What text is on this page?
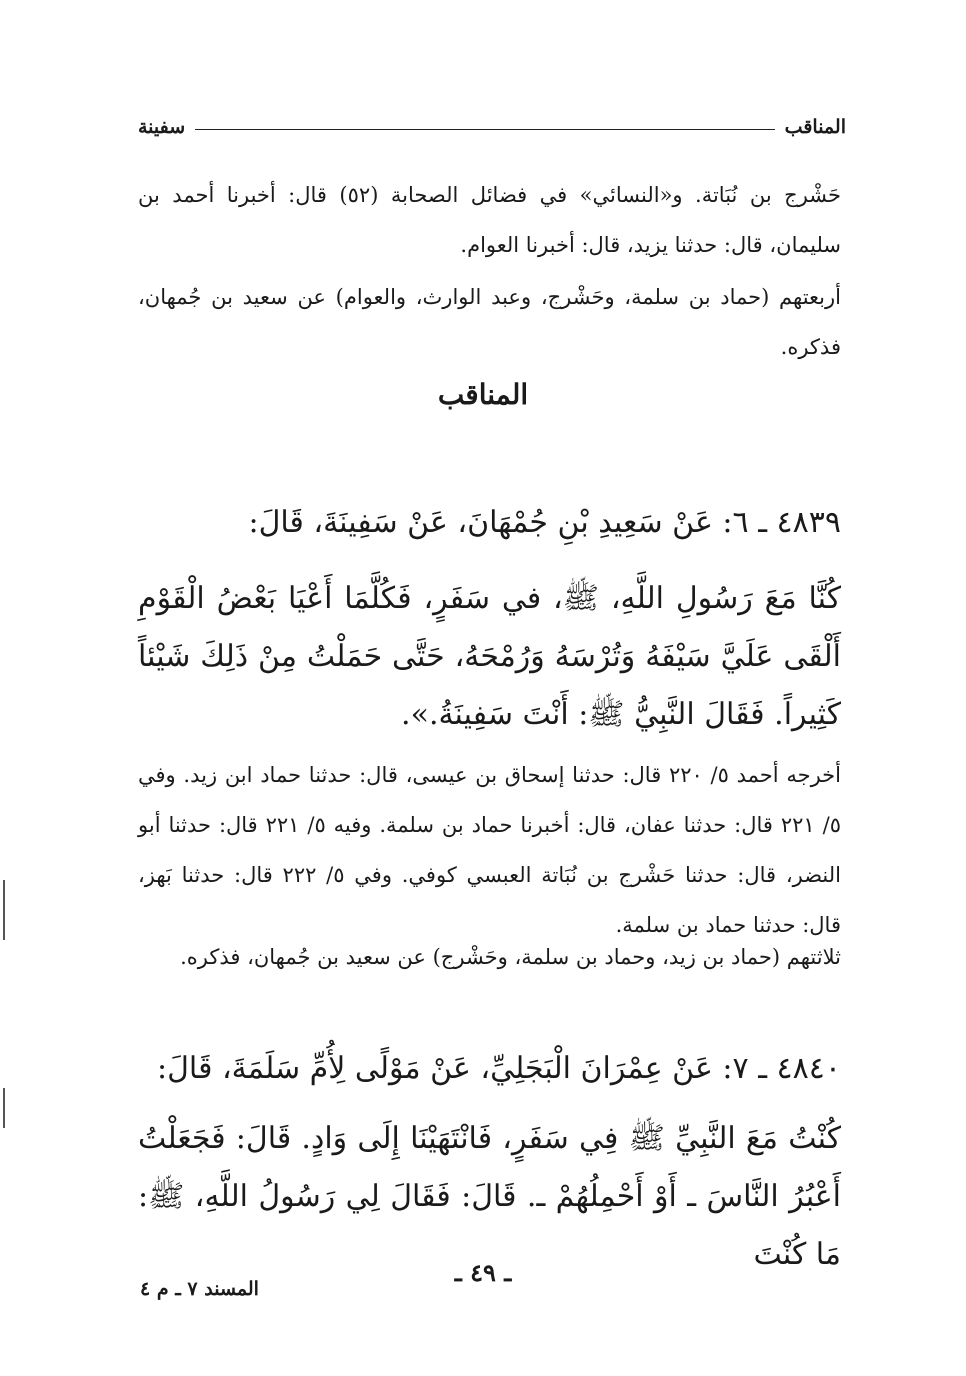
المناقب
سفينة

حَشْرج بن نُبَاتة. و«النسائي» في فضائل الصحابة (٥٢) قال: أخبرنا أحمد بن سليمان، قال: حدثنا يزيد، قال: أخبرنا العوام.

أربعتهم (حماد بن سلمة، وحَشْرج، وعبد الوارث، والعوام) عن سعيد بن جُمهان، فذكره.

المناقب

٤٨٣٩ ـ ٦: عَنْ سَعِيدِ بْنِ جُمْهَانَ، عَنْ سَفِينَةَ، قَالَ:

كُنَّا مَعَ رَسُولِ اللَّهِ، ﷺ، في سَفَرٍ، فَكُلَّمَا أَعْيَا بَعْضُ الْقَوْمِ أَلْقَى عَلَيَّ سَيْفَهُ وَتُرْسَهُ وَرُمْحَهُ، حَتَّى حَمَلْتُ مِنْ ذَلِكَ شَيْئاً كَثِيراً. فَقَالَ النَّبِيُّ ﷺ: أَنْتَ سَفِينَةُ.».

أخرجه أحمد ٥/ ٢٢٠ قال: حدثنا إسحاق بن عيسى، قال: حدثنا حماد ابن زيد. وفي ٥/ ٢٢١ قال: حدثنا عفان، قال: أخبرنا حماد بن سلمة. وفيه ٥/ ٢٢١ قال: حدثنا أبو النضر، قال: حدثنا حَشْرج بن نُبَاتة العبسي كوفي. وفي ٥/ ٢٢٢ قال: حدثنا بَهز، قال: حدثنا حماد بن سلمة.

ثلاثتهم (حماد بن زيد، وحماد بن سلمة، وحَشْرج) عن سعيد بن جُمهان، فذكره.

٤٨٤٠ ـ ٧: عَنْ عِمْرَانَ الْبَجَلِيِّ، عَنْ مَوْلًى لِأُمِّ سَلَمَةَ، قَالَ:

كُنْتُ مَعَ النَّبِيِّ ﷺ فِي سَفَرٍ، فَانْتَهَيْنَا إِلَى وَادٍ. قَالَ: فَجَعَلْتُ أَعْبُرُ النَّاسَ ـ أَوْ أَحْمِلُهُمْ ـ. قَالَ: فَقَالَ لِي رَسُولُ اللَّهِ، ﷺ: مَا كُنْتَ

ـ ٤٩ ـ
المسند ٧ ـ م ٤
